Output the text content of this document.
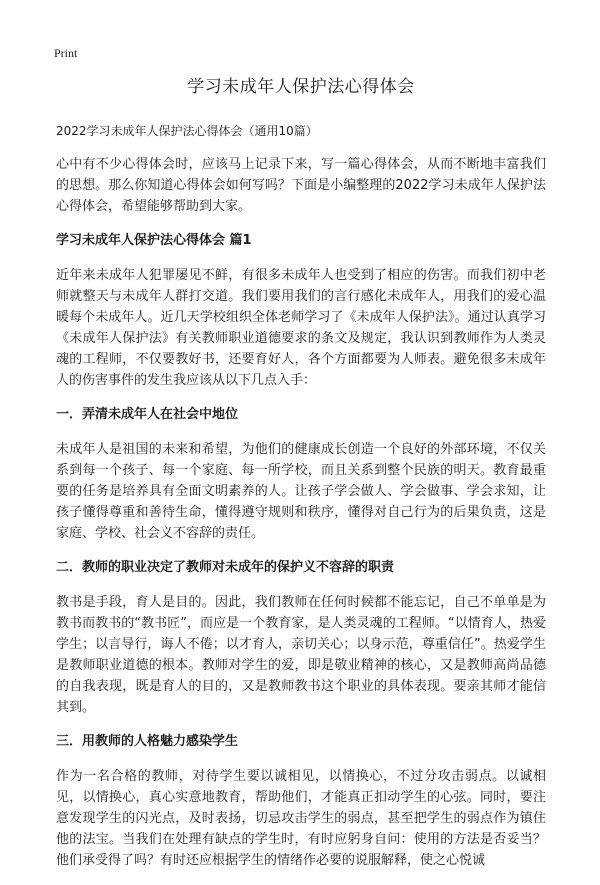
Print
学习未成年人保护法心得体会

2022学习未成年人保护法心得体会（通用10篇）

心中有不少心得体会时，应该马上记录下来，写一篇心得体会，从而不断地丰富我们的思想。那么你知道心得体会如何写吗？下面是小编整理的2022学习未成年人保护法心得体会，希望能够帮助到大家。

学习未成年人保护法心得体会 篇1

近年来未成年人犯罪屡见不鲜，有很多未成年人也受到了相应的伤害。而我们初中老师就整天与未成年人群打交道。我们要用我们的言行感化未成年人，用我们的爱心温暖每个未成年人。近几天学校组织全体老师学习了《未成年人保护法》。通过认真学习《未成年人保护法》有关教师职业道德要求的条文及规定，我认识到教师作为人类灵魂的工程师，不仅要教好书，还要育好人，各个方面都要为人师表。避免很多未成年人的伤害事件的发生我应该从以下几点入手：

一．弄清未成年人在社会中地位

未成年人是祖国的未来和希望，为他们的健康成长创造一个良好的外部环境，不仅关系到每一个孩子、每一个家庭、每一所学校，而且关系到整个民族的明天。教育最重要的任务是培养具有全面文明素养的人。让孩子学会做人、学会做事、学会求知，让孩子懂得尊重和善待生命，懂得遵守规则和秩序，懂得对自己行为的后果负责，这是家庭、学校、社会义不容辞的责任。

二．教师的职业决定了教师对未成年的保护义不容辞的职责

教书是手段，育人是目的。因此，我们教师在任何时候都不能忘记，自己不单单是为教书而教书的“教书匠”，而应是一个教育家，是人类灵魂的工程师。“以情育人，热爱学生；以言导行，诲人不倦；以才育人，亲切关心；以身示范，尊重信任”。热爱学生是教师职业道德的根本。教师对学生的爱，即是敬业精神的核心，又是教师高尚品德的自我表现，既是育人的目的，又是教师教书这个职业的具体表现。要亲其师才能信其到。

三．用教师的人格魅力感染学生

作为一名合格的教师，对待学生要以诚相见，以情换心，不过分攻击弱点。以诚相见，以情换心，真心实意地教育，帮助他们，才能真正扣动学生的心弦。同时，要注意发现学生的闪光点，及时表扬，切忌攻击学生的弱点，甚至把学生的弱点作为镇住他的法宝。当我们在处理有缺点的学生时，有时应躬身自问：使用的方法是否妥当？他们承受得了吗？有时还应根据学生的情绪作必要的说服解释，使之心悦诚
